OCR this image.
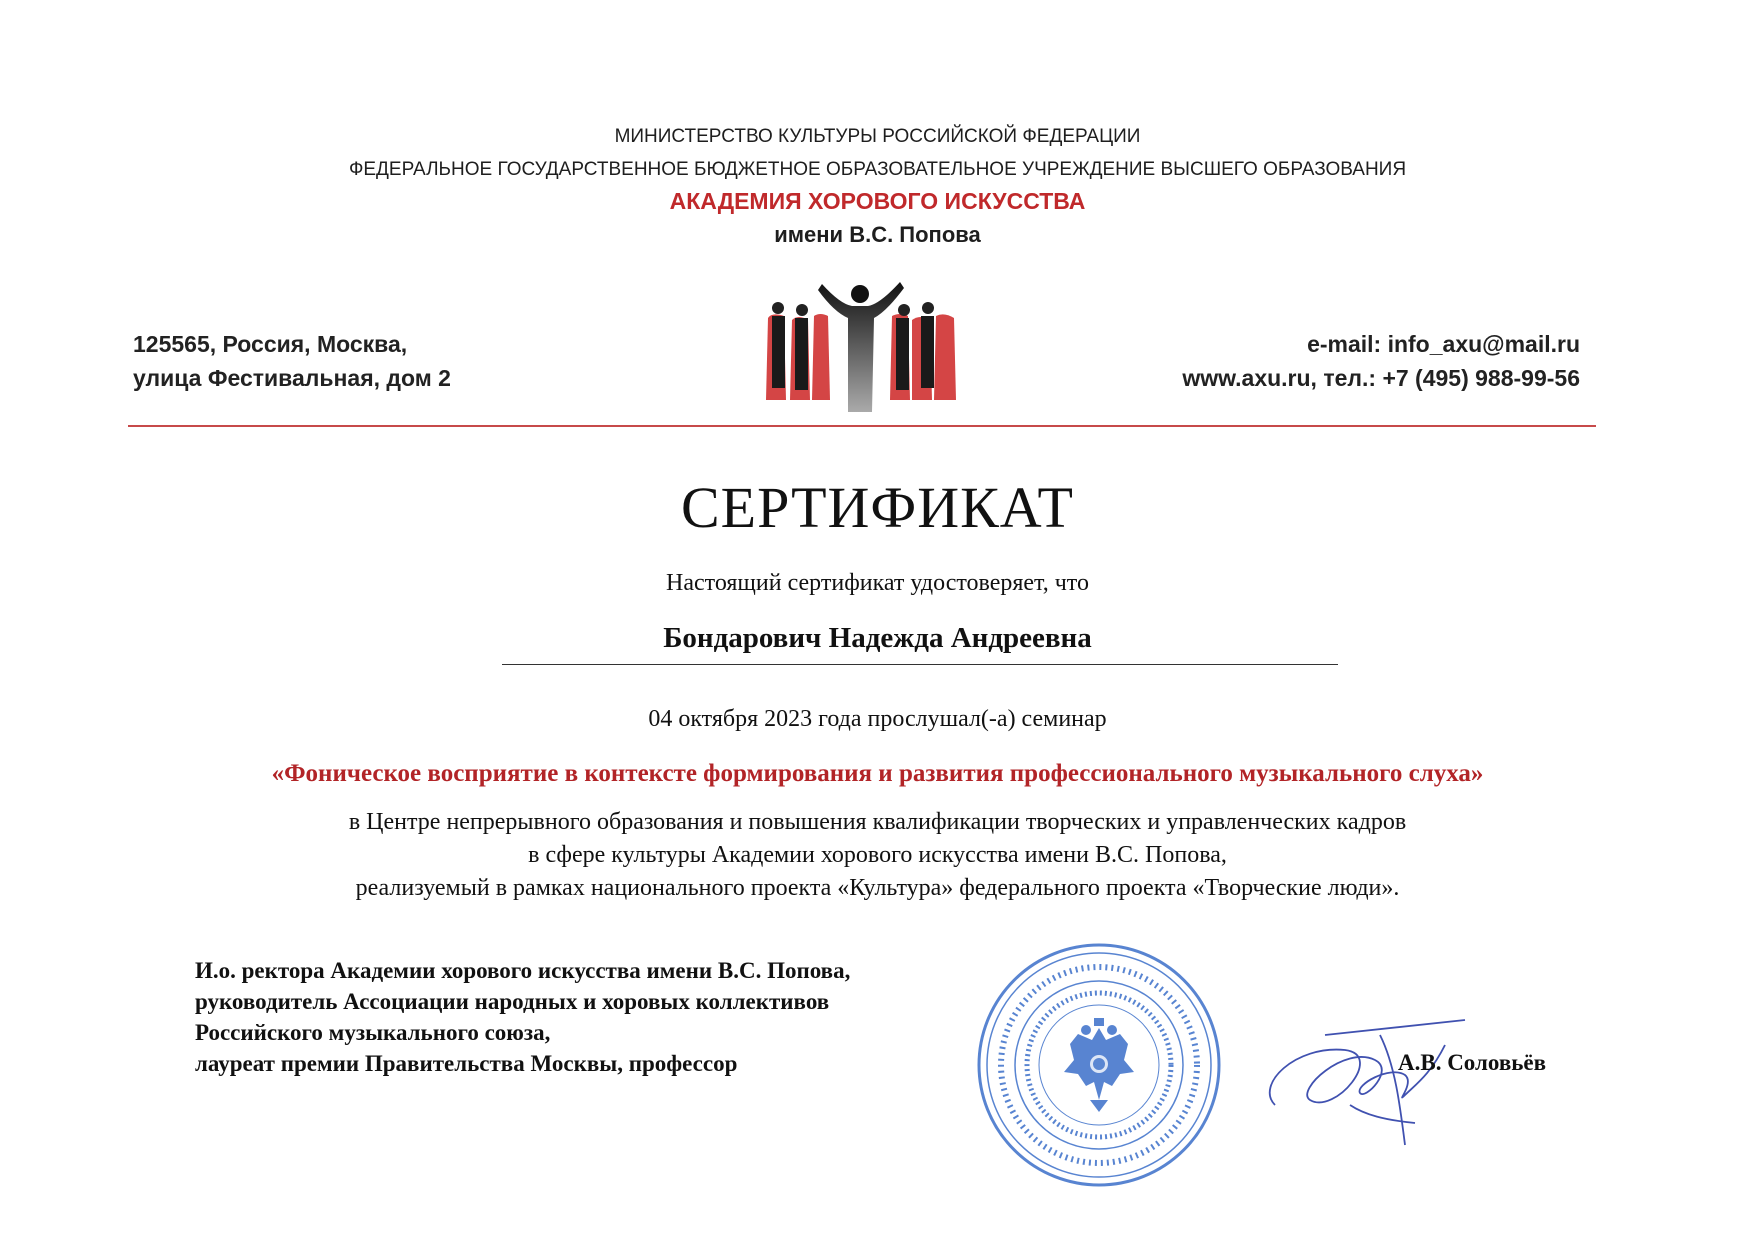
МИНИСТЕРСТВО КУЛЬТУРЫ РОССИЙСКОЙ ФЕДЕРАЦИИ
ФЕДЕРАЛЬНОЕ ГОСУДАРСТВЕННОЕ БЮДЖЕТНОЕ ОБРАЗОВАТЕЛЬНОЕ УЧРЕЖДЕНИЕ ВЫСШЕГО ОБРАЗОВАНИЯ
АКАДЕМИЯ ХОРОВОГО ИСКУССТВА
имени В.С. Попова
125565, Россия, Москва,
улица Фестивальная, дом 2
e-mail: info_axu@mail.ru
www.axu.ru, тел.: +7 (495) 988-99-56
СЕРТИФИКАТ
Настоящий сертификат удостоверяет, что
Бондарович Надежда Андреевна
04 октября 2023 года прослушал(-а) семинар
«Фоническое восприятие в контексте формирования и развития профессионального музыкального слуха»
в Центре непрерывного образования и повышения квалификации творческих и управленческих кадров
в сфере культуры Академии хорового искусства имени В.С. Попова,
реализуемый в рамках национального проекта «Культура» федерального проекта «Творческие люди».
И.о. ректора Академии хорового искусства имени В.С. Попова,
руководитель Ассоциации народных и хоровых коллективов
Российского музыкального союза,
лауреат премии Правительства Москвы, профессор	А.В. Соловьёв
